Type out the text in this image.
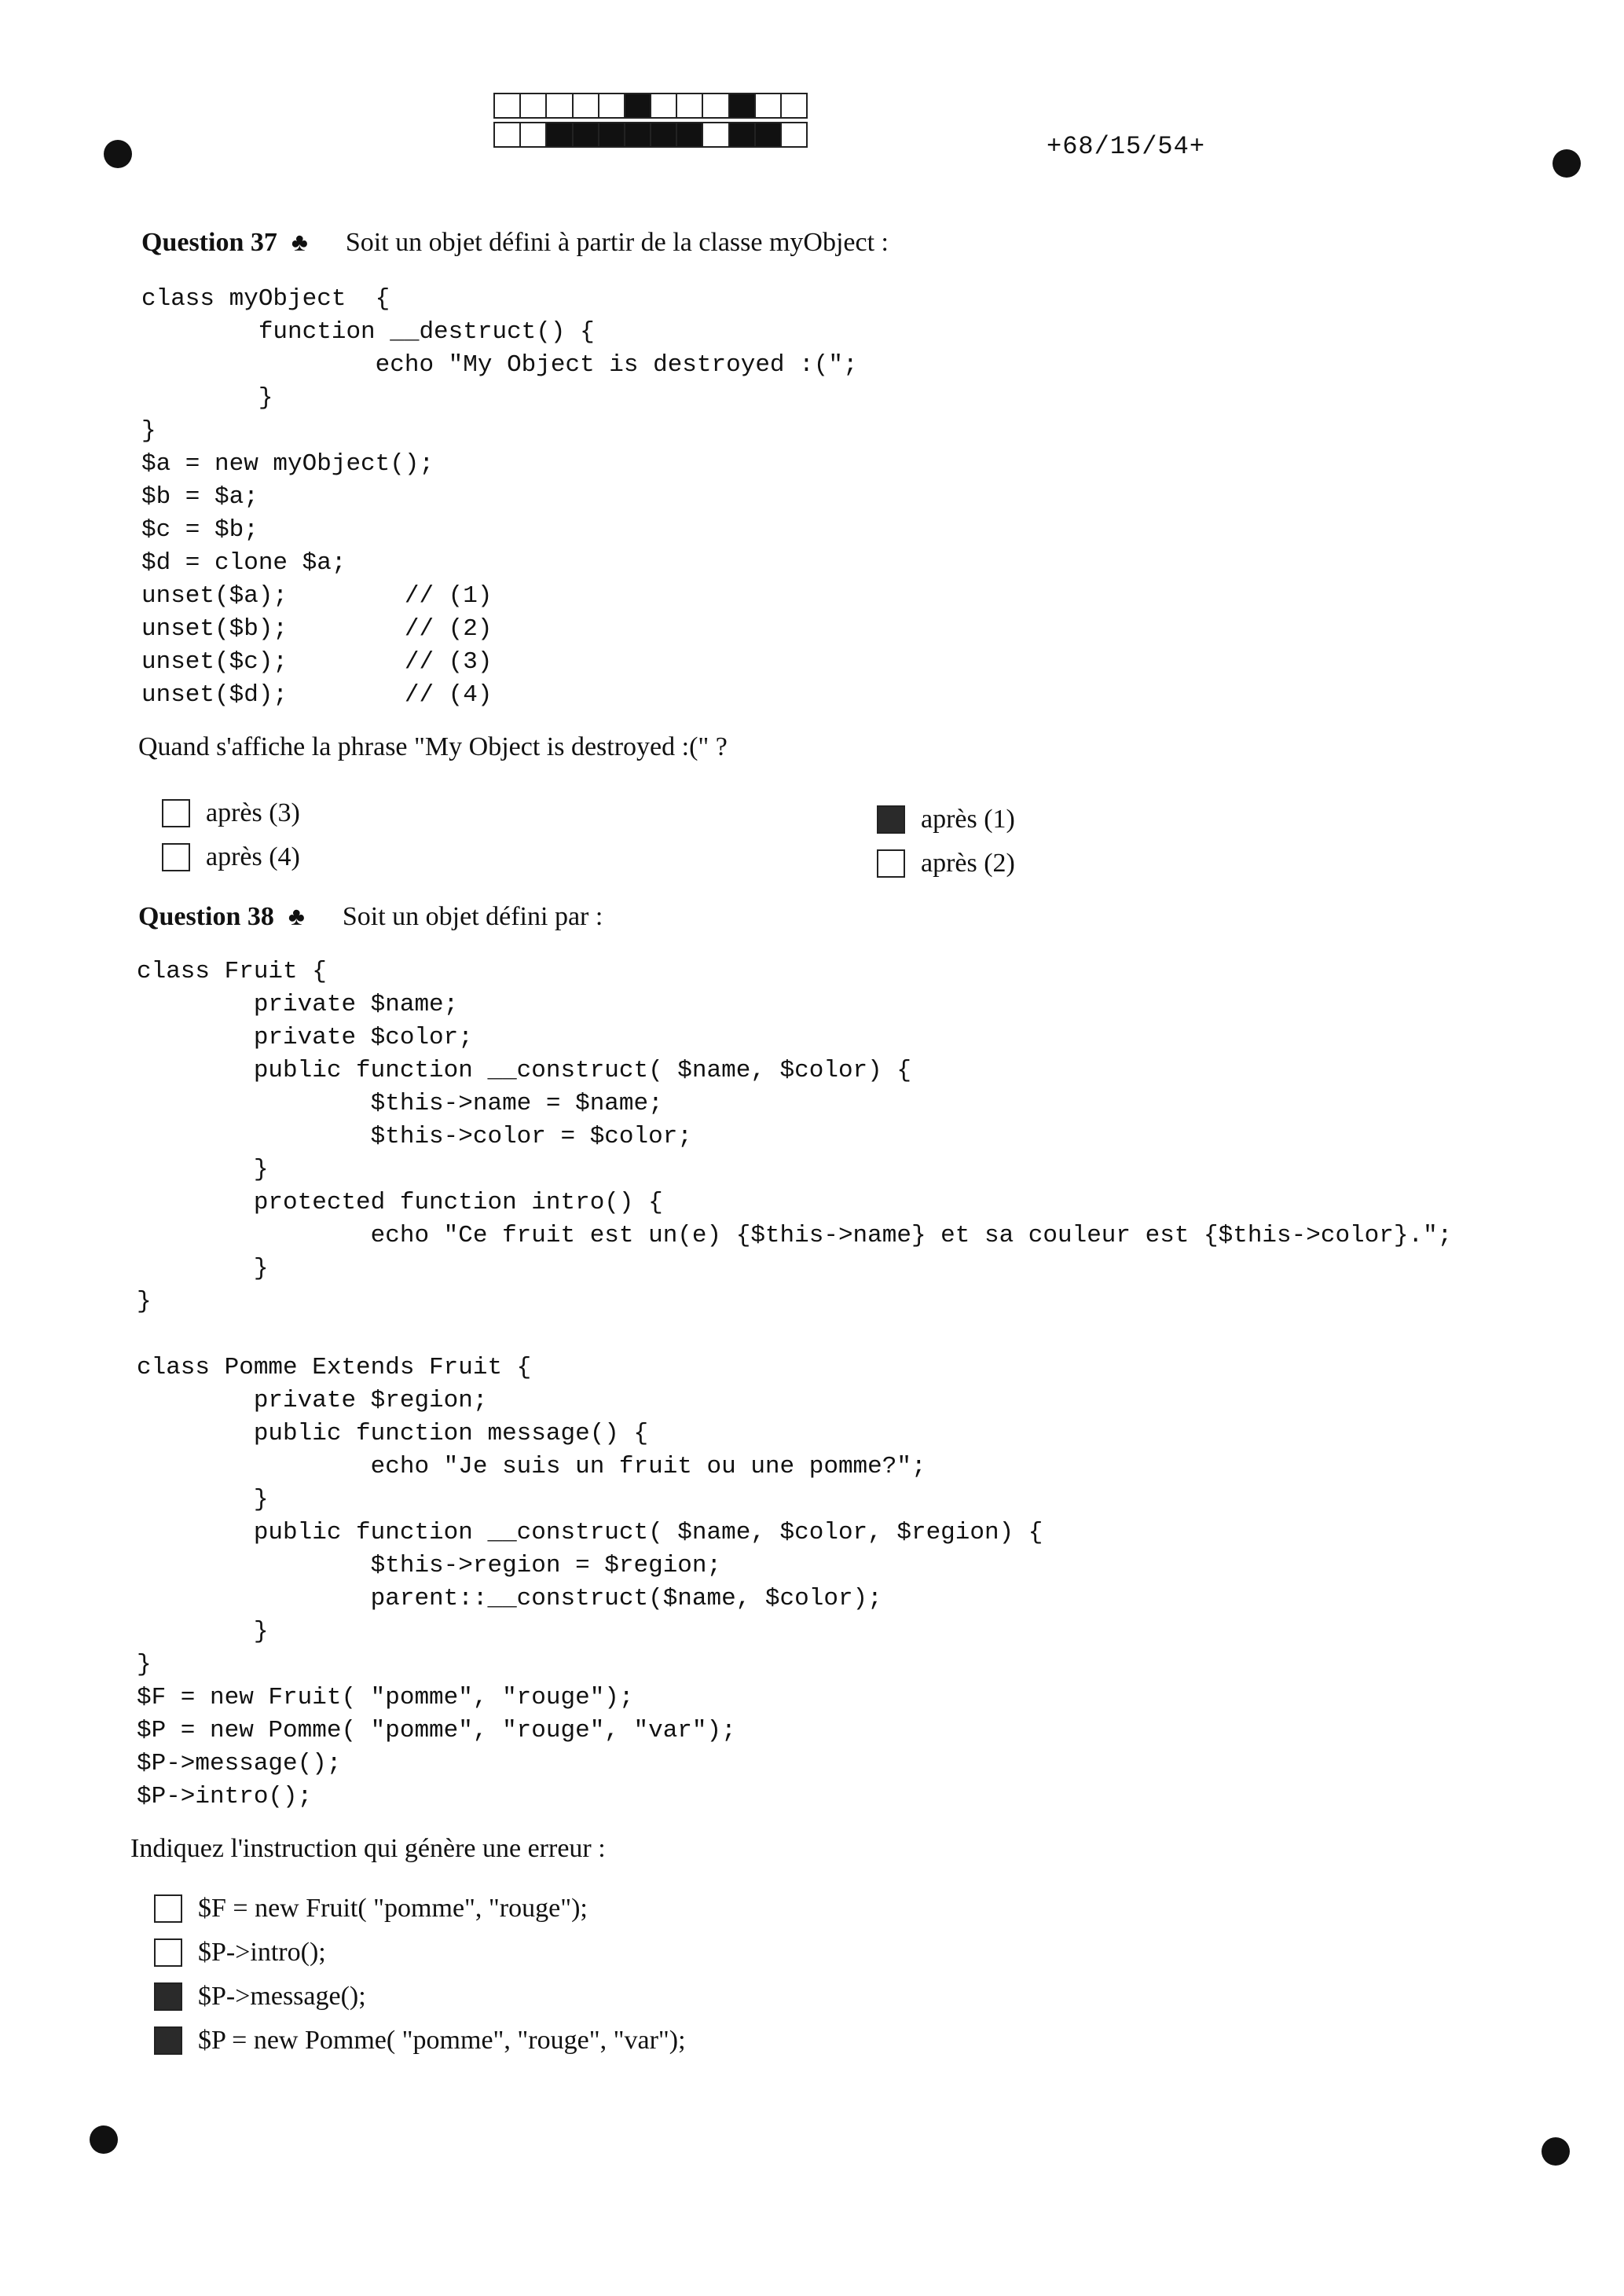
+68/15/54+
Question 37 ♣ Soit un objet défini à partir de la classe myObject :
class myObject  {
function __destruct() {
echo "My Object is destroyed :(";
}
}
$a = new myObject();
$b = $a;
$c = $b;
$d = clone $a;
unset($a);        // (1)
unset($b);        // (2)
unset($c);        // (3)
unset($d);        // (4)
Quand s'affiche la phrase "My Object is destroyed :(" ?
après (3)
après (4)
après (1)
après (2)
Question 38 ♣ Soit un objet défini par :
class Fruit {
private $name;
private $color;
public function __construct( $name, $color) {
$this->name = $name;
$this->color = $color;
}
protected function intro() {
echo "Ce fruit est un(e) {$this->name} et sa couleur est {$this->color}.";
}
}

class Pomme Extends Fruit {
private $region;
public function message() {
echo "Je suis un fruit ou une pomme?";
}
public function __construct( $name, $color, $region) {
$this->region = $region;
parent::__construct($name, $color);
}
}
$F = new Fruit( "pomme", "rouge");
$P = new Pomme( "pomme", "rouge", "var");
$P->message();
$P->intro();
Indiquez l'instruction qui génère une erreur :
$F = new Fruit( "pomme", "rouge");
$P->intro();
$P->message();
$P = new Pomme( "pomme", "rouge", "var");
